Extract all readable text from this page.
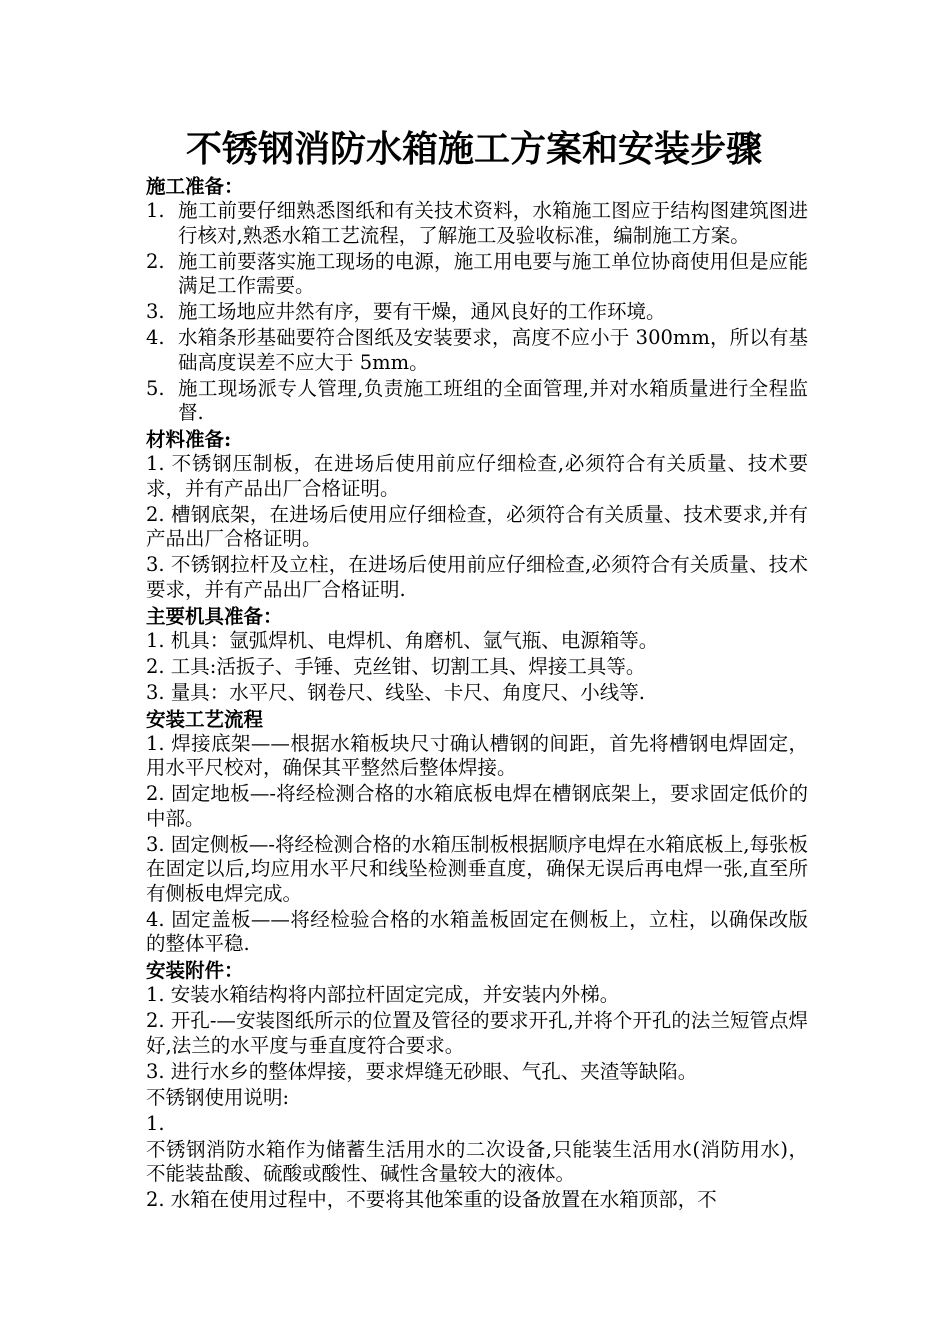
不锈钢消防水箱施工方案和安装步骤
施工准备：
1. 施工前要仔细熟悉图纸和有关技术资料，水箱施工图应于结构图建筑图进行核对,熟悉水箱工艺流程，了解施工及验收标准，编制施工方案。
2. 施工前要落实施工现场的电源，施工用电要与施工单位协商使用但是应能满足工作需要。
3. 施工场地应井然有序，要有干燥，通风良好的工作环境。
4. 水箱条形基础要符合图纸及安装要求，高度不应小于 300mm，所以有基础高度误差不应大于 5mm。
5. 施工现场派专人管理,负责施工班组的全面管理,并对水箱质量进行全程监督.
材料准备:

1. 不锈钢压制板，在进场后使用前应仔细检查,必须符合有关质量、技术要求，并有产品出厂合格证明。

2. 槽钢底架，在进场后使用应仔细检查，必须符合有关质量、技术要求,并有产品出厂合格证明。

3. 不锈钢拉杆及立柱，在进场后使用前应仔细检查,必须符合有关质量、技术要求，并有产品出厂合格证明.

主要机具准备：

1. 机具：氩弧焊机、电焊机、角磨机、氩气瓶、电源箱等。

2. 工具:活扳子、手锤、克丝钳、切割工具、焊接工具等。

3. 量具：水平尺、钢卷尺、线坠、卡尺、角度尺、小线等.

安装工艺流程

1. 焊接底架——根据水箱板块尺寸确认槽钢的间距，首先将槽钢电焊固定，用水平尺校对，确保其平整然后整体焊接。

2. 固定地板—-将经检测合格的水箱底板电焊在槽钢底架上，要求固定低价的中部。

3. 固定侧板—-将经检测合格的水箱压制板根据顺序电焊在水箱底板上,每张板在固定以后,均应用水平尺和线坠检测垂直度，确保无误后再电焊一张,直至所有侧板电焊完成。

4. 固定盖板——将经检验合格的水箱盖板固定在侧板上，立柱，以确保改版的整体平稳.

安装附件：

1. 安装水箱结构将内部拉杆固定完成，并安装内外梯。

2. 开孔-—安装图纸所示的位置及管径的要求开孔,并将个开孔的法兰短管点焊好,法兰的水平度与垂直度符合要求。

3. 进行水乡的整体焊接，要求焊缝无砂眼、气孔、夹渣等缺陷。

不锈钢使用说明:

1.

不锈钢消防水箱作为储蓄生活用水的二次设备,只能装生活用水(消防用水)，不能装盐酸、硫酸或酸性、碱性含量较大的液体。

2. 水箱在使用过程中，不要将其他笨重的设备放置在水箱顶部，不
